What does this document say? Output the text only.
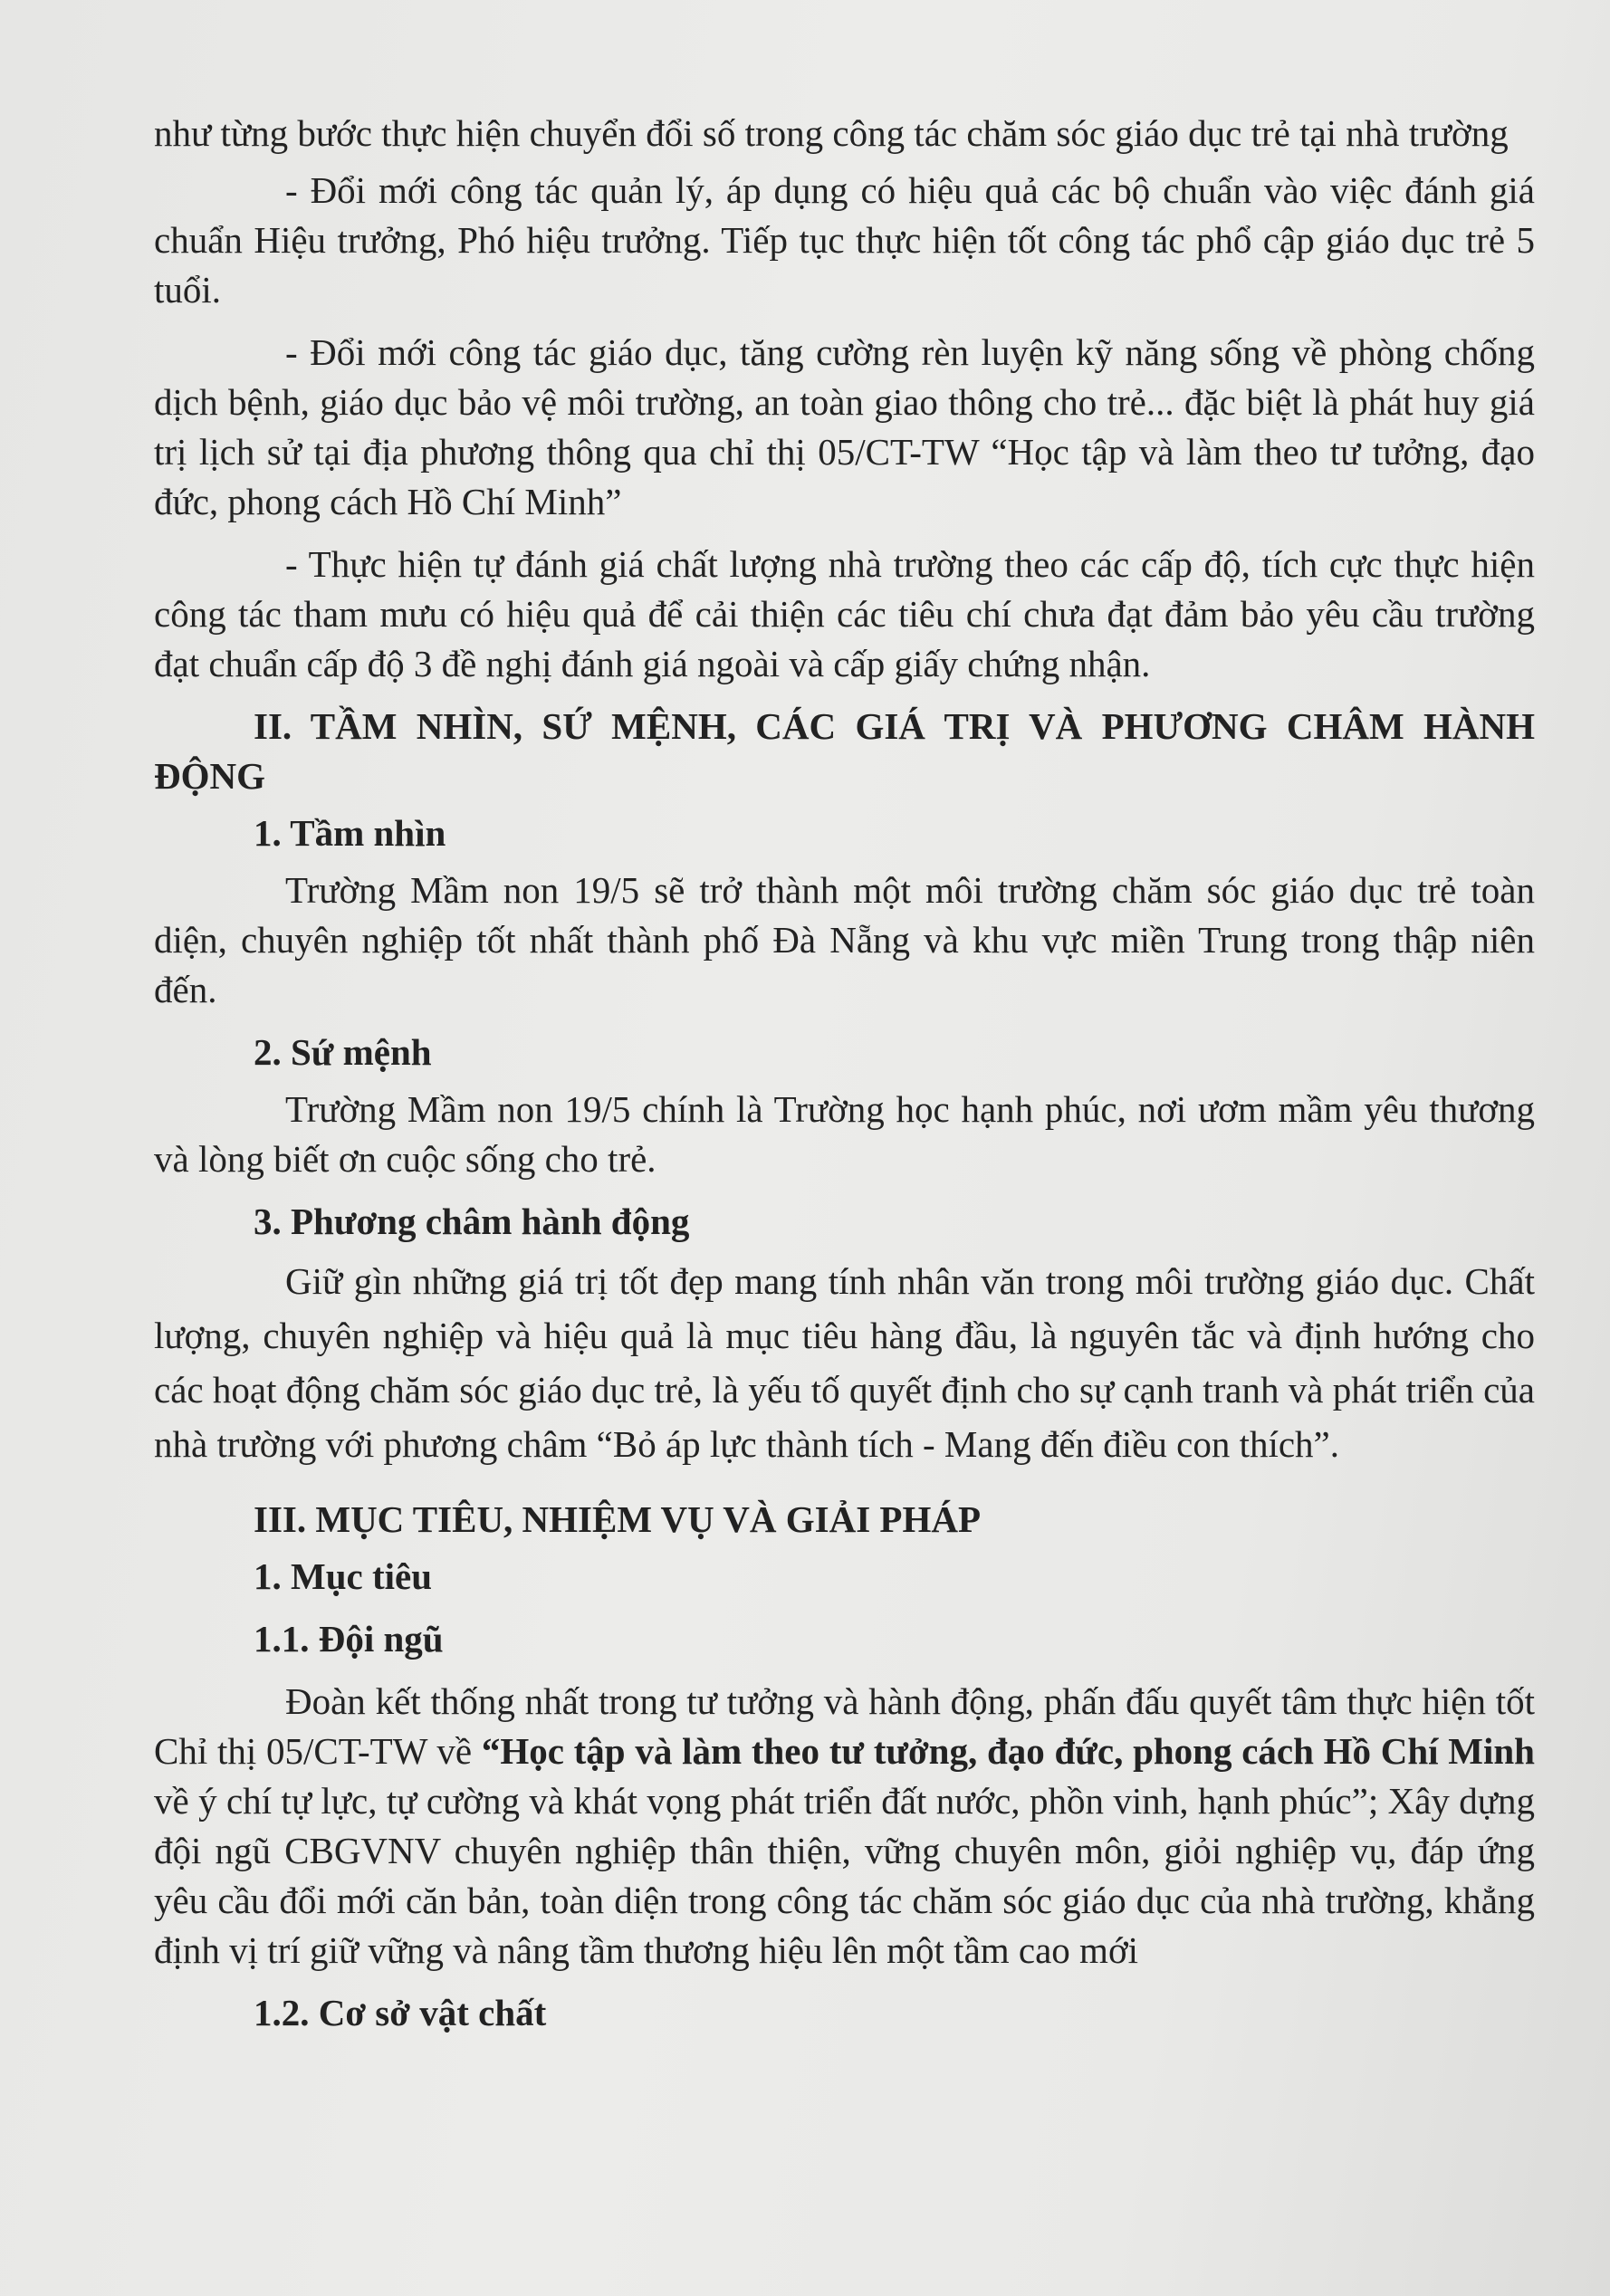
như từng bước thực hiện chuyển đổi số trong công tác chăm sóc giáo dục trẻ tại nhà trường

- Đổi mới công tác quản lý, áp dụng có hiệu quả các bộ chuẩn vào việc đánh giá chuẩn Hiệu trưởng, Phó hiệu trưởng. Tiếp tục thực hiện tốt công tác phổ cập giáo dục trẻ 5 tuổi.

- Đổi mới công tác giáo dục, tăng cường rèn luyện kỹ năng sống về phòng chống dịch bệnh, giáo dục bảo vệ môi trường, an toàn giao thông cho trẻ... đặc biệt là phát huy giá trị lịch sử tại địa phương thông qua chỉ thị 05/CT-TW “Học tập và làm theo tư tưởng, đạo đức, phong cách Hồ Chí Minh”

- Thực hiện tự đánh giá chất lượng nhà trường theo các cấp độ, tích cực thực hiện công tác tham mưu có hiệu quả để cải thiện các tiêu chí chưa đạt đảm bảo yêu cầu trường đạt chuẩn cấp độ 3 đề nghị đánh giá ngoài và cấp giấy chứng nhận.

II. TẦM NHÌN, SỨ MỆNH, CÁC GIÁ TRỊ VÀ PHƯƠNG CHÂM HÀNH ĐỘNG
1. Tầm nhìn

Trường Mầm non 19/5 sẽ trở thành một môi trường chăm sóc giáo dục trẻ toàn diện, chuyên nghiệp tốt nhất thành phố Đà Nẵng và khu vực miền Trung trong thập niên đến.

2. Sứ mệnh

Trường Mầm non 19/5 chính là Trường học hạnh phúc, nơi ươm mầm yêu thương và lòng biết ơn cuộc sống cho trẻ.

3. Phương châm hành động

Giữ gìn những giá trị tốt đẹp mang tính nhân văn trong môi trường giáo dục. Chất lượng, chuyên nghiệp và hiệu quả là mục tiêu hàng đầu, là nguyên tắc và định hướng cho các hoạt động chăm sóc giáo dục trẻ, là yếu tố quyết định cho sự cạnh tranh và phát triển của nhà trường với phương châm “Bỏ áp lực thành tích - Mang đến điều con thích”.

III. MỤC TIÊU, NHIỆM VỤ VÀ GIẢI PHÁP
1. Mục tiêu
1.1. Đội ngũ

Đoàn kết thống nhất trong tư tưởng và hành động, phấn đấu quyết tâm thực hiện tốt Chỉ thị 05/CT-TW về “Học tập và làm theo tư tưởng, đạo đức, phong cách Hồ Chí Minh về ý chí tự lực, tự cường và khát vọng phát triển đất nước, phồn vinh, hạnh phúc”; Xây dựng đội ngũ CBGVNV chuyên nghiệp thân thiện, vững chuyên môn, giỏi nghiệp vụ, đáp ứng yêu cầu đổi mới căn bản, toàn diện trong công tác chăm sóc giáo dục của nhà trường, khẳng định vị trí giữ vững và nâng tầm thương hiệu lên một tầm cao mới

1.2. Cơ sở vật chất
